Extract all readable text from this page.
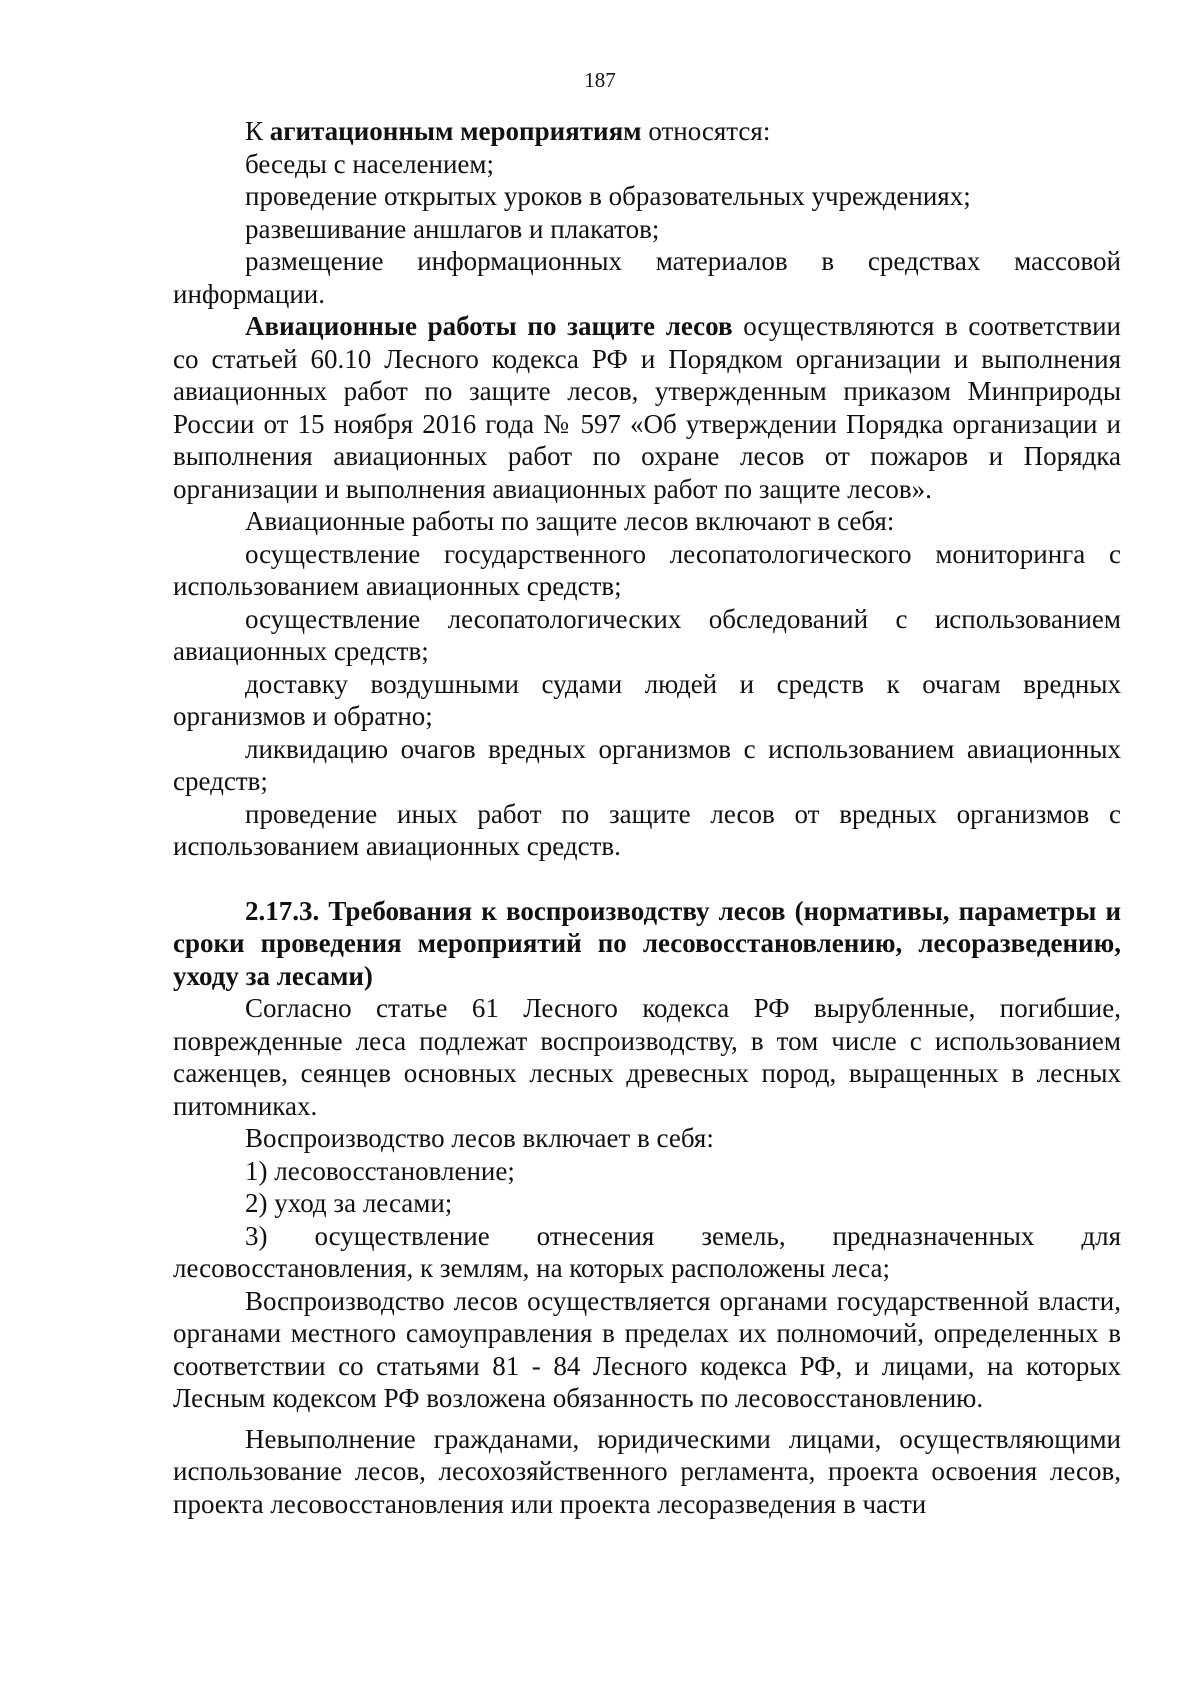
187

К агитационным мероприятиям относятся:

беседы с населением;

проведение открытых уроков в образовательных учреждениях;

развешивание аншлагов и плакатов;

размещение информационных материалов в средствах массовой информации.

Авиационные работы по защите лесов осуществляются в соответствии со статьей 60.10 Лесного кодекса РФ и Порядком организации и выполнения авиационных работ по защите лесов, утвержденным приказом Минприроды России от 15 ноября 2016 года № 597 «Об утверждении Порядка организации и выполнения авиационных работ по охране лесов от пожаров и Порядка организации и выполнения авиационных работ по защите лесов».

Авиационные работы по защите лесов включают в себя:

осуществление государственного лесопатологического мониторинга с использованием авиационных средств;

осуществление лесопатологических обследований с использованием авиационных средств;

доставку воздушными судами людей и средств к очагам вредных организмов и обратно;

ликвидацию очагов вредных организмов с использованием авиационных средств;

проведение иных работ по защите лесов от вредных организмов с использованием авиационных средств.

2.17.3. Требования к воспроизводству лесов (нормативы, параметры и сроки проведения мероприятий по лесовосстановлению, лесоразведению, уходу за лесами)

Согласно статье 61 Лесного кодекса РФ вырубленные, погибшие, поврежденные леса подлежат воспроизводству, в том числе с использованием саженцев, сеянцев основных лесных древесных пород, выращенных в лесных питомниках.

Воспроизводство лесов включает в себя:

1) лесовосстановление;

2) уход за лесами;

3) осуществление отнесения земель, предназначенных для лесовосстановления, к землям, на которых расположены леса;

Воспроизводство лесов осуществляется органами государственной власти, органами местного самоуправления в пределах их полномочий, определенных в соответствии со статьями 81 - 84 Лесного кодекса РФ, и лицами, на которых Лесным кодексом РФ возложена обязанность по лесовосстановлению.

Невыполнение гражданами, юридическими лицами, осуществляющими использование лесов, лесохозяйственного регламента, проекта освоения лесов, проекта лесовосстановления или проекта лесоразведения в части
